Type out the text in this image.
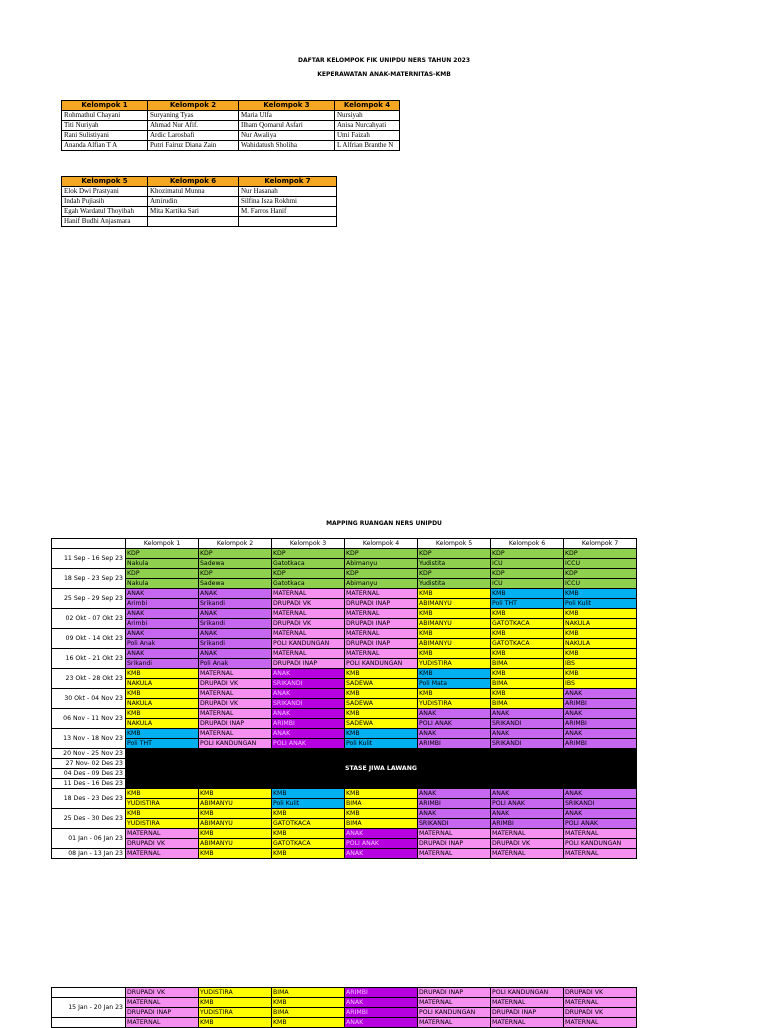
DAFTAR KELOMPOK FIK UNIPDU NERS TAHUN 2023
KEPERAWATAN ANAK-MATERNITAS-KMB
Kelompok 1	Kelompok 2	Kelompok 3	Kelompok 4
Rohmathul Chayani	Suryaning Tyas	Maria Ulfa	Nursiyah
Titi Nuriyah	Ahmad Nur Afif.	Ilham Qomarul Asfari	Anisa Nurcahyati
Rani Sulistiyani	Ardic Larosbafi	Nur Awaliya	Umi Faizah
Ananda Alfian T A	Putri Fairuz Diana Zain	Wahidatush Sholiha	L Alfrian Branthe N
Kelompok 5	Kelompok 6	Kelompok 7
Elok Dwi Prastyani	Khozimatul Munna	Nur Hasanah
Indah Pujiasih	Amirudin	Silfina Isza Rokhmi
Egah Wardatul Thoyibah	Mita Kartika Sari	M. Farros Hanif
Hanif Budhi Anjasmara		
MAPPING RUANGAN NERS UNIPDU
	Kelompok 1	Kelompok 2	Kelompok 3	Kelompok 4	Kelompok 5	Kelompok 6	Kelompok 7
11 Sep - 16 Sep 23	KDP	KDP	KDP	KDP	KDP	KDP	KDP
	Nakula	Sadewa	Gatotkaca	Abimanyu	Yudistita	ICU	ICCU
18 Sep - 23 Sep 23	KDP	KDP	KDP	KDP	KDP	KDP	KDP
	Nakula	Sadewa	Gatotkaca	Abimanyu	Yudistita	ICU	ICCU
25 Sep - 29 Sep 23	ANAK	ANAK	MATERNAL	MATERNAL	KMB	KMB	KMB
	Arimbi	Srikandi	DRUPADI VK	DRUPADI INAP	ABIMANYU	Poli THT	Poli Kulit
02 Okt - 07 Okt 23	ANAK	ANAK	MATERNAL	MATERNAL	KMB	KMB	KMB
	Arimbi	Srikandi	DRUPADI VK	DRUPADI INAP	ABIMANYU	GATOTKACA	NAKULA
09 Okt - 14 Okt 23	ANAK	ANAK	MATERNAL	MATERNAL	KMB	KMB	KMB
	Poli Anak	Srikandi	POLI KANDUNGAN	DRUPADI INAP	ABIMANYU	GATOTKACA	NAKULA
16 Okt - 21 Okt 23	ANAK	ANAK	MATERNAL	MATERNAL	KMB	KMB	KMB
	Srikandi	Poli Anak	DRUPADI INAP	POLI KANDUNGAN	YUDISTIRA	BIMA	IBS
23 Okt - 28 Okt 23	KMB	MATERNAL	ANAK	KMB	KMB	KMB	KMB
	NAKULA	DRUPADI VK	SRIKANDI	SADEWA	Poli Mata	BIMA	IBS
30 Okt - 04 Nov 23	KMB	MATERNAL	ANAK	KMB	KMB	KMB	ANAK
	NAKULA	DRUPADI VK	SRIKANDI	SADEWA	YUDISTIRA	BIMA	ARIMBI
06 Nov - 11 Nov 23	KMB	MATERNAL	ANAK	KMB	ANAK	ANAK	ANAK
	NAKULA	DRUPADI INAP	ARIMBI	SADEWA	POLI ANAK	SRIKANDI	ARIMBI
13 Nov - 18 Nov 23	KMB	MATERNAL	ANAK	KMB	ANAK	ANAK	ANAK
	Poli THT	POLI KANDUNGAN	POLI ANAK	Poli Kulit	ARIMBI	SRIKANDI	ARIMBI
20 Nov - 25 Nov 23	STASE JIWA LAWANG						
27 Nov- 02 Des 23							
04 Des - 09 Des 23							
11 Des - 16 Des 23							
18 Des - 23 Des 23	KMB	KMB	KMB	KMB	ANAK	ANAK	ANAK
	YUDISTIRA	ABIMANYU	Poli Kulit	BIMA	ARIMBI	POLI ANAK	SRIKANDI
25 Des - 30 Des 23	KMB	KMB	KMB	KMB	ANAK	ANAK	ANAK
	YUDISTIRA	ABIMANYU	GATOTKACA	BIMA	SRIKANDI	ARIMBI	POLI ANAK
01 Jan - 06 Jan 23	MATERNAL	KMB	KMB	ANAK	MATERNAL	MATERNAL	MATERNAL
	DRUPADI VK	ABIMANYU	GATOTKACA	POLI ANAK	DRUPADI INAP	DRUPADI VK	POLI KANDUNGAN
08 Jan - 13 Jan 23	MATERNAL	KMB	KMB	ANAK	MATERNAL	MATERNAL	MATERNAL
	DRUPADI VK	YUDISTIRA	BIMA	ARIMBI	DRUPADI INAP	POLI KANDUNGAN	DRUPADI VK
15 Jan - 20 Jan 23	MATERNAL	KMB	KMB	ANAK	MATERNAL	MATERNAL	MATERNAL
	DRUPADI INAP	YUDISTIRA	BIMA	ARIMBI	POLI KANDUNGAN	DRUPADI INAP	DRUPADI VK
	MATERNAL	KMB	KMB	ANAK	MATERNAL	MATERNAL	MATERNAL
